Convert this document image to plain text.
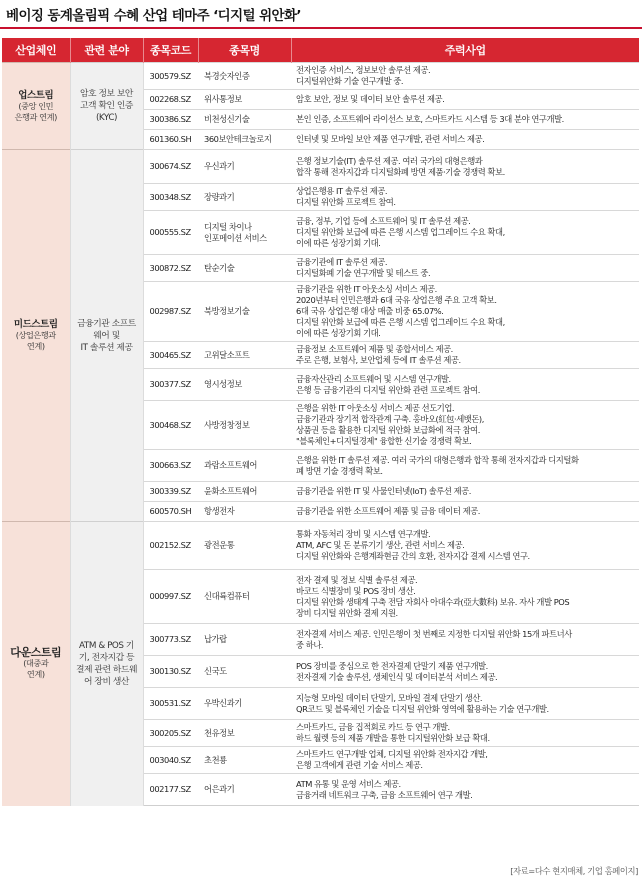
베이징 동계올림픽 수혜 산업 테마주 ‘디지털 위안화’
산업체인	관련 분야	종목코드	종목명	주력사업

업스트림
(중앙 인민
은행과 연계)	암호 정보 보안
고객 확인 인증
(KYC)	300579.SZ	북경숫자인증	전자인증 서비스, 정보보안 솔루션 제공.
디지털위안화 기술 연구개발 중.
		002268.SZ	위사통정보	암호 보안, 정보 및 데이터 보안 솔루션 제공.
		300386.SZ	비천성신기술	본인 인증, 소프트웨어 라이선스 보호, 스마트카드 시스템 등 3대 분야 연구개발.
		601360.SH	360보안테크놀로지	인터넷 및 모바일 보안 제품 연구개발, 관련 서비스 제공.

미드스트림
(상업은행과
연계)	금융기관 소프트
웨어 및
IT 솔루션 제공	300674.SZ	우신과기	은행 정보기술(IT) 솔루션 제공. 여러 국가의 대형은행과
합작 통해 전자지갑과 디지털화폐 방면 제품·기술 경쟁력 확보.
		300348.SZ	장량과기	상업은행용 IT 솔루션 제공.
디지털 위안화 프로젝트 참여.
		000555.SZ	디지털 차이나
인포메이션 서비스	금융, 정부, 기업 등에 소프트웨어 및 IT 솔루션 제공.
디지털 위안화 보급에 따른 은행 시스템 업그레이드 수요 확대,
이에 따른 성장기회 기대.
		300872.SZ	탄순기술	금융기관에 IT 솔루션 제공.
디지털화폐 기술 연구개발 및 테스트 중.
		002987.SZ	북방정보기술	금융기관을 위한 IT 아웃소싱 서비스 제공.
2020년부터 인민은행과 6대 국유 상업은행 주요 고객 확보.
6대 국유 상업은행 대상 매출 비중 65.07%.
디지털 위안화 보급에 따른 은행 시스템 업그레이드 수요 확대,
이에 따른 성장기회 기대.
		300465.SZ	고위달소프트	금융정보 소프트웨어 제품 및 종합서비스 제공.
주로 은행, 보험사, 보안업체 등에 IT 솔루션 제공.
		300377.SZ	영시성정보	금융자산관리 소프트웨어 및 시스템 연구개발.
은행 등 금융기관의 디지털 위안화 관련 프로젝트 참여.
		300468.SZ	사방정창정보	은행을 위한 IT 아웃소싱 서비스 제공 선도기업.
금융기관과 장기적 합작관계 구축. 홍바오(紅包·세뱃돈),
상품권 등을 활용한 디지털 위안화 보급화에 적극 참여.
"블록체인+디지털경제" 융합한 신기술 경쟁력 확보.
		300663.SZ	과람소프트웨어	은행을 위한 IT 솔루션 제공. 여러 국가의 대형은행과 합작 통해 전자지갑과 디지털화
폐 방면 기술 경쟁력 확보.
		300339.SZ	윤화소프트웨어	금융기관을 위한 IT 및 사물인터넷(IoT) 솔루션 제공.
		600570.SH	항생전자	금융기관을 위한 소프트웨어 제품 및 금융 데이터 제공.

다운스트림
(대중과
연계)	ATM & POS 기
기, 전자지갑 등
결제 관련 하드웨
어 장비 생산	002152.SZ	광전운통	통화 자동처리 장비 및 시스템 연구개발.
ATM, AFC 및 돈 분류기기 생산, 관련 서비스 제공.
디지털 위안화와 은행계좌현금 간의 호환, 전자지갑 결제 시스템 연구.
		000997.SZ	신대륙컴퓨터	전자 결제 및 정보 식별 솔루션 제공.
바코드 식별장비 및 POS 장비 생산.
디지털 위안화 생태계 구축 전담 자회사 아대수과(亞大數科) 보유. 자사 개발 POS
장비 디지털 위안화 결제 지원.
		300773.SZ	납가랍	전자결제 서비스 제공. 인민은행이 첫 번째로 지정한 디지털 위안화 15개 파트너사
중 하나.
		300130.SZ	신국도	POS 장비를 중심으로 한 전자결제 단말기 제품 연구개발.
전자결제 기술 솔루션, 생체인식 및 데이터분석 서비스 제공.
		300531.SZ	우박신과기	지능형 모바일 데이터 단말기, 모바일 결제 단말기 생산.
QR코드 및 블록체인 기술을 디지털 위안화 영역에 활용하는 기술 연구개발.
		300205.SZ	천유정보	스마트카드, 금융 집적회로 카드 등 연구 개발.
하드 월렛 등의 제품 개발을 통한 디지털위안화 보급 확대.
		003040.SZ	초천룡	스마트카드 연구개발 업체, 디지털 위안화 전자지갑 개발,
은행 고객에게 관련 기술 서비스 제공.
		002177.SZ	어은과기	ATM 유통 및 운영 서비스 제공.
금융거래 네트워크 구축, 금융 소프트웨어 연구 개발.
[자료=다수 현지매체, 기업 홈페이지]
